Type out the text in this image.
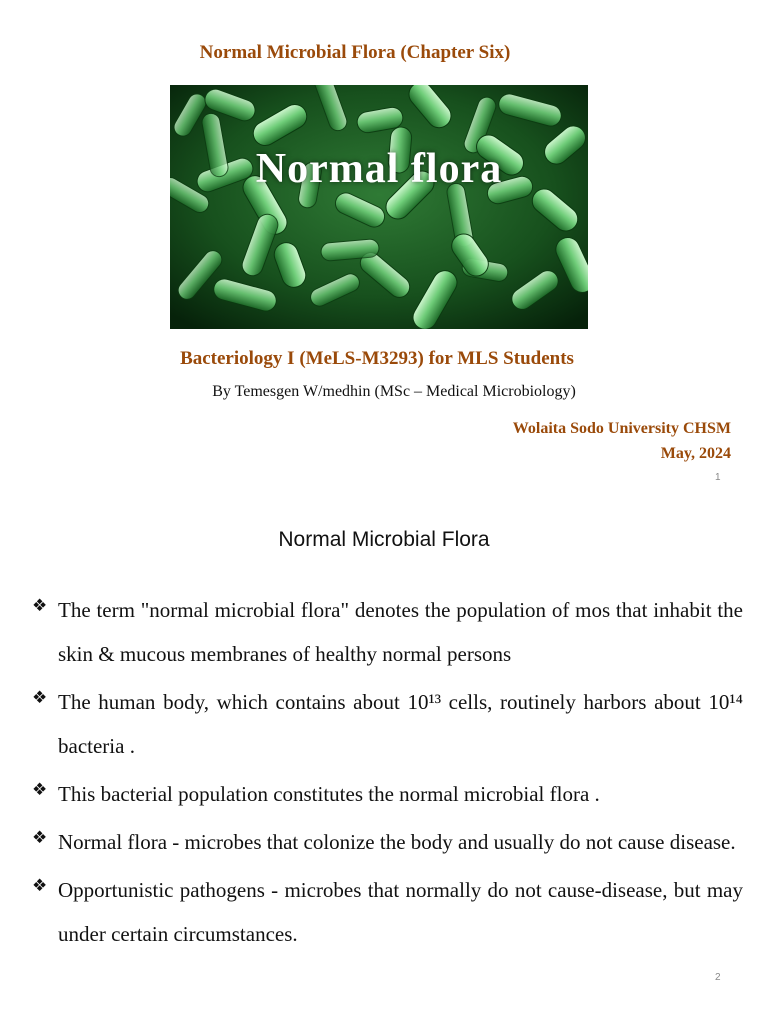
Normal Microbial Flora (Chapter Six)
Normal flora
Bacteriology I (MeLS-M3293) for MLS Students
By Temesgen W/medhin (MSc – Medical Microbiology)
Wolaita Sodo University CHSM
May, 2024
1
Normal Microbial Flora
❖ The term "normal microbial flora" denotes the population of mos that inhabit the skin & mucous membranes of healthy normal persons
❖ The human body, which contains about 10¹³ cells, routinely harbors about 10¹⁴ bacteria .
❖ This bacterial population constitutes the normal microbial flora .
❖ Normal flora - microbes that colonize the body and usually do not cause disease.
❖ Opportunistic pathogens - microbes that normally do not cause-disease, but may under certain circumstances.
2
